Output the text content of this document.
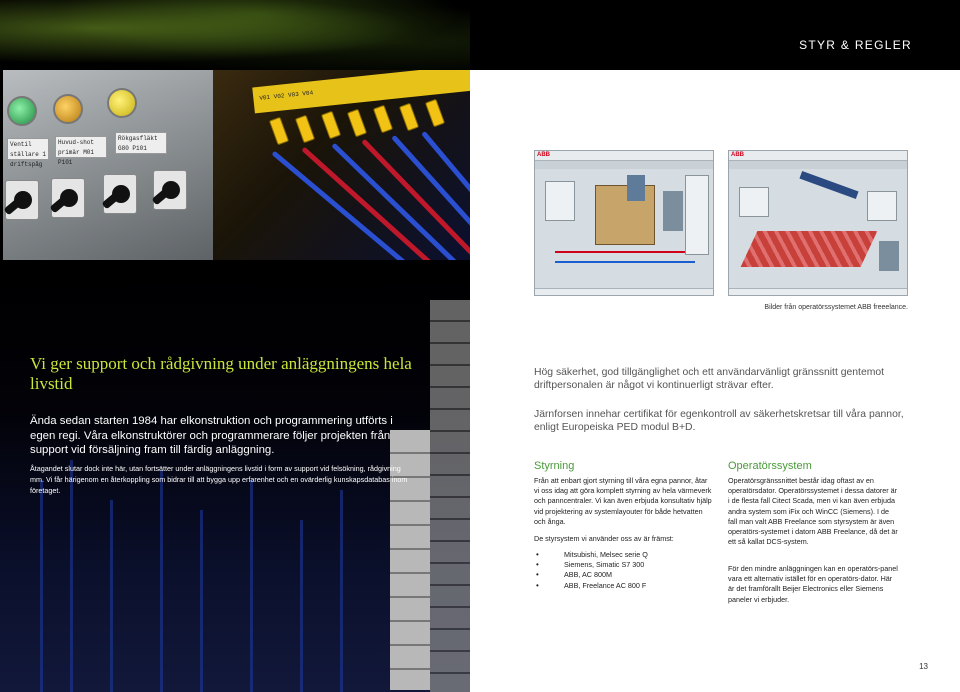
Ventil ställare 1 driftspåg
Huvud-shot primär M01 P101
Rökgasfläkt G80 P101
V01 V02 V03 V04
Vi ger support och rådgivning under anläggningens hela livstid
Ända sedan starten 1984 har elkonstruktion och programmering utförts i egen regi. Våra elkonstruktörer och programmerare följer projekten från support vid försäljning fram till färdig anläggning.
Åtagandet slutar dock inte här, utan fortsätter under anläggningens livstid i form av support vid felsökning, rådgivning mm. Vi får härigenom en återkoppling som bidrar till att bygga upp erfarenhet och en ovärderlig kunskapsdatabas inom företaget.
STYR & REGLER
ABB	ABB
Bilder från operatörssystemet ABB freeelance.
Hög säkerhet, god tillgänglighet och ett användarvänligt gränssnitt gentemot driftpersonalen är något vi kontinuerligt strävar efter.
Järnforsen innehar certifikat för egenkontroll av säkerhetskretsar till våra pannor, enligt Europeiska PED modul B+D.
Styrning
Från att enbart gjort styrning till våra egna pannor, åtar vi oss idag att göra komplett styrning av hela värmeverk och panncentraler. Vi kan även erbjuda konsultativ hjälp vid projektering av systemlayouter för både hetvatten och ånga.
De styrsystem vi använder oss av är främst:
• Mitsubishi, Melsec serie Q
• Siemens, Simatic S7 300
• ABB, AC 800M
• ABB, Freelance AC 800 F
Operatörssystem
Operatörsgränssnittet består idag oftast av en operatörsdator. Operatörssystemet i dessa datorer är i de flesta fall Citect Scada, men vi kan även erbjuda andra system som iFix och WinCC (Siemens). I de fall man valt ABB Freelance som styrsystem är även operatörs-systemet i datorn ABB Freelance, då det är ett så kallat DCS-system.
För den mindre anläggningen kan en operatörs-panel vara ett alternativ istället för en operatörs-dator. Här är det framförallt Beijer Electronics eller Siemens paneler vi erbjuder.
13
